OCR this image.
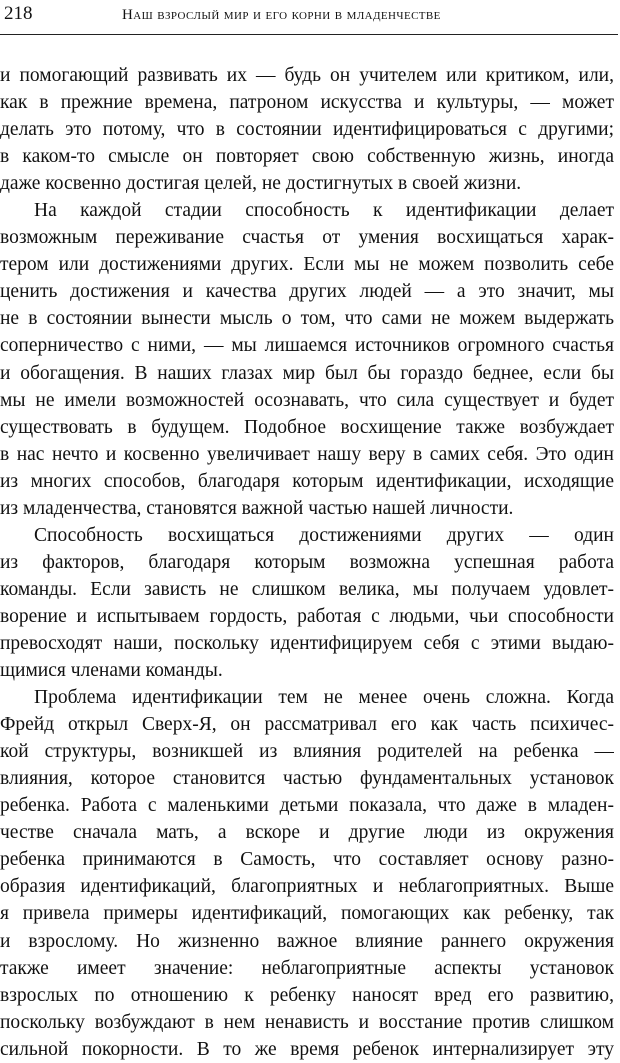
218	Наш взрослый мир и его корни в младенчестве
и помогающий развивать их — будь он учителем или критиком, или,
как в прежние времена, патроном искусства и культуры, — может
делать это потому, что в состоянии идентифицироваться с другими;
в каком-то смысле он повторяет свою собственную жизнь, иногда
даже косвенно достигая целей, не достигнутых в своей жизни.
На каждой стадии способность к идентификации делает
возможным переживание счастья от умения восхищаться харак-
тером или достижениями других. Если мы не можем позволить себе
ценить достижения и качества других людей — а это значит, мы
не в состоянии вынести мысль о том, что сами не можем выдержать
соперничество с ними, — мы лишаемся источников огромного счастья
и обогащения. В наших глазах мир был бы гораздо беднее, если бы
мы не имели возможностей осознавать, что сила существует и будет
существовать в будущем. Подобное восхищение также возбуждает
в нас нечто и косвенно увеличивает нашу веру в самих себя. Это один
из многих способов, благодаря которым идентификации, исходящие
из младенчества, становятся важной частью нашей личности.
Способность восхищаться достижениями других — один
из факторов, благодаря которым возможна успешная работа
команды. Если зависть не слишком велика, мы получаем удовлет-
ворение и испытываем гордость, работая с людьми, чьи способности
превосходят наши, поскольку идентифицируем себя с этими выдаю-
щимися членами команды.
Проблема идентификации тем не менее очень сложна. Когда
Фрейд открыл Сверх-Я, он рассматривал его как часть психичес-
кой структуры, возникшей из влияния родителей на ребенка —
влияния, которое становится частью фундаментальных установок
ребенка. Работа с маленькими детьми показала, что даже в младен-
честве сначала мать, а вскоре и другие люди из окружения
ребенка принимаются в Самость, что составляет основу разно-
образия идентификаций, благоприятных и неблагоприятных. Выше
я привела примеры идентификаций, помогающих как ребенку, так
и взрослому. Но жизненно важное влияние раннего окружения
также имеет значение: неблагоприятные аспекты установок
взрослых по отношению к ребенку наносят вред его развитию,
поскольку возбуждают в нем ненависть и восстание против слишком
сильной покорности. В то же время ребенок интернализирует эту
